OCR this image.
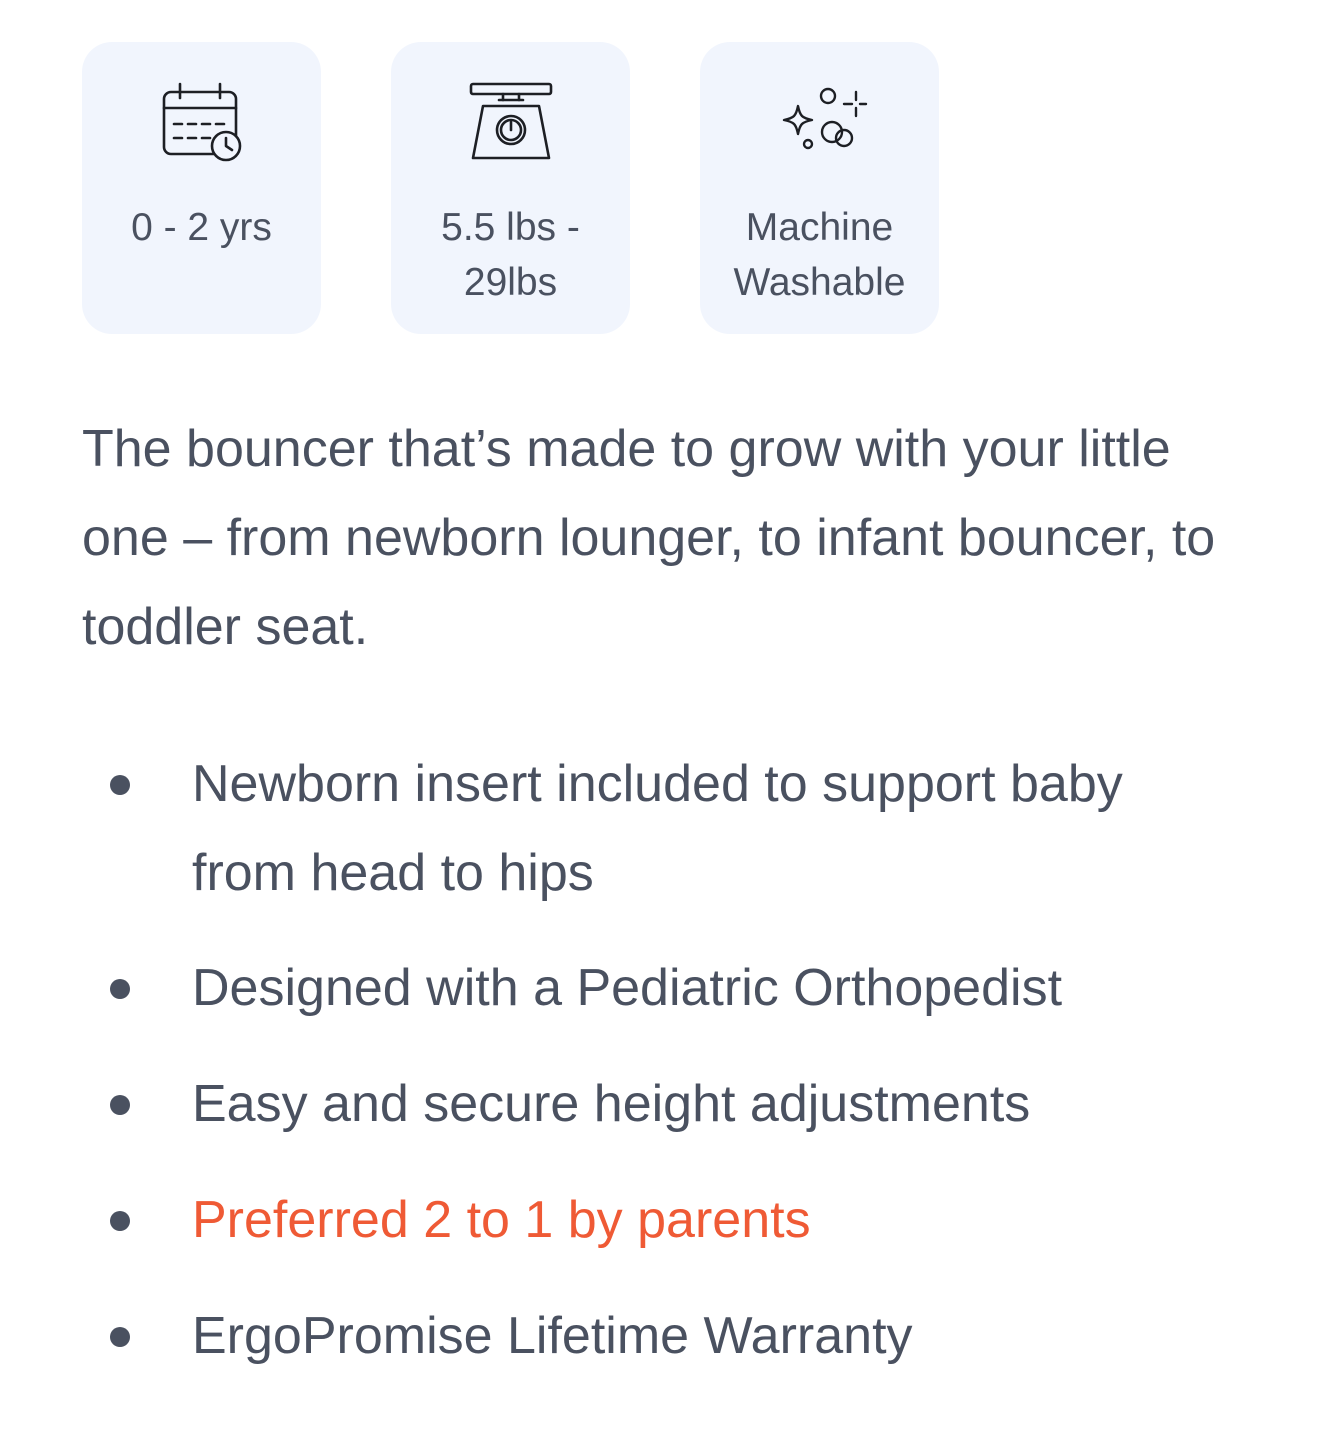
0 - 2 yrs	5.5 lbs -
29lbs
Machine
Washable

The bouncer that’s made to grow with your little one – from newborn lounger, to infant bouncer, to toddler seat.

Newborn insert included to support baby from head to hips
Designed with a Pediatric Orthopedist
Easy and secure height adjustments
Preferred 2 to 1 by parents
ErgoPromise Lifetime Warranty
